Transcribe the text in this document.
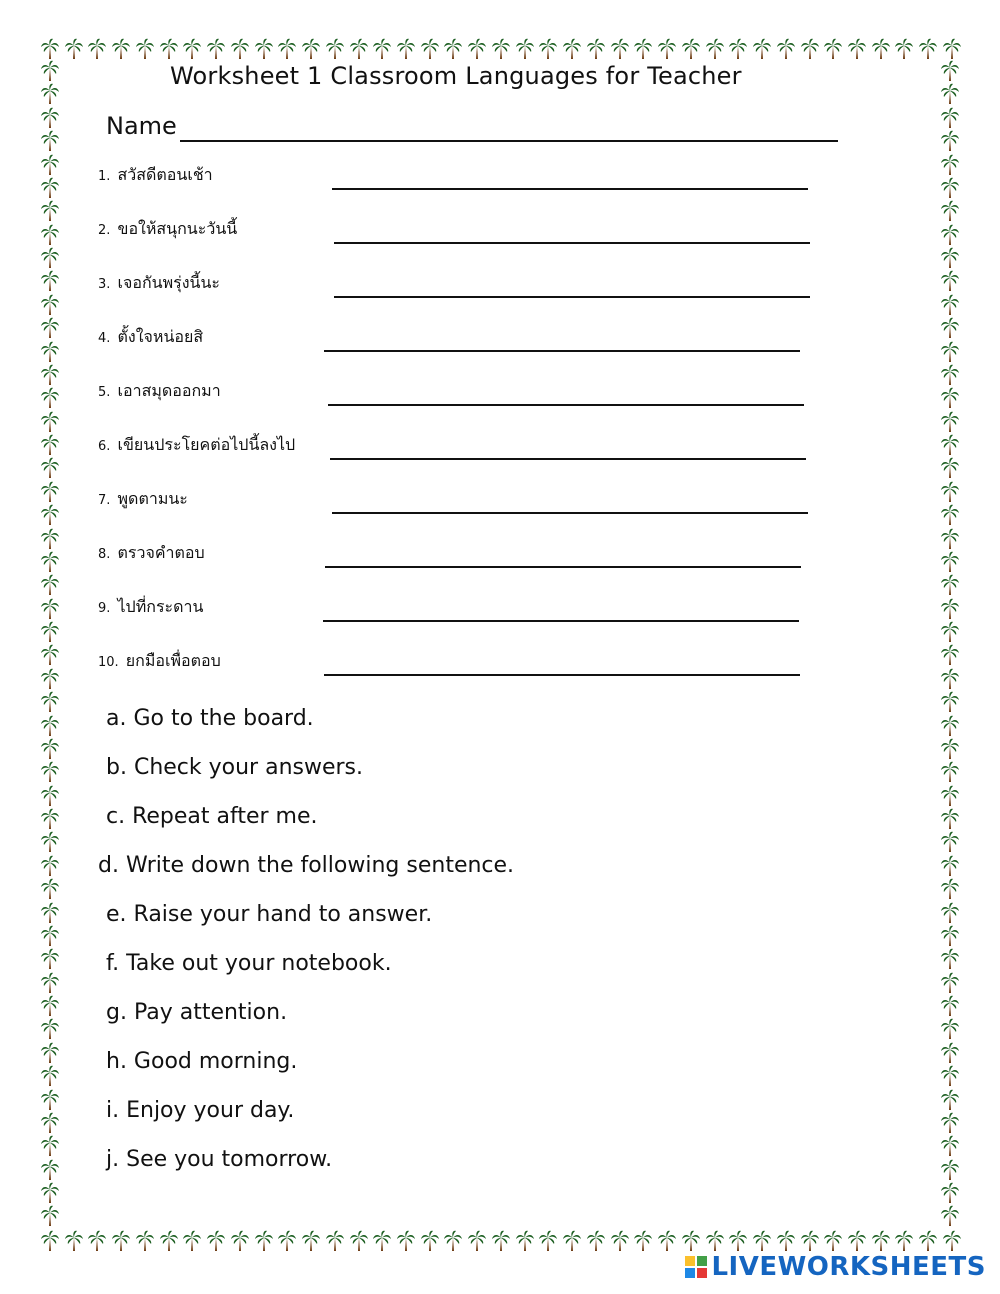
Worksheet 1 Classroom Languages for Teacher
Name
1. สวัสดีตอนเช้า
2. ขอให้สนุกนะวันนี้
3. เจอกันพรุ่งนี้นะ
4. ตั้งใจหน่อยสิ
5. เอาสมุดออกมา
6. เขียนประโยคต่อไปนี้ลงไป
7. พูดตามนะ
8. ตรวจคำตอบ
9. ไปที่กระดาน
10. ยกมือเพื่อตอบ
a. Go to the board.
b. Check your answers.
c. Repeat after me.
d. Write down the following sentence.
e. Raise your hand to answer.
f. Take out your notebook.
g. Pay attention.
h. Good morning.
i. Enjoy your day.
j. See you tomorrow.
LIVEWORKSHEETS
